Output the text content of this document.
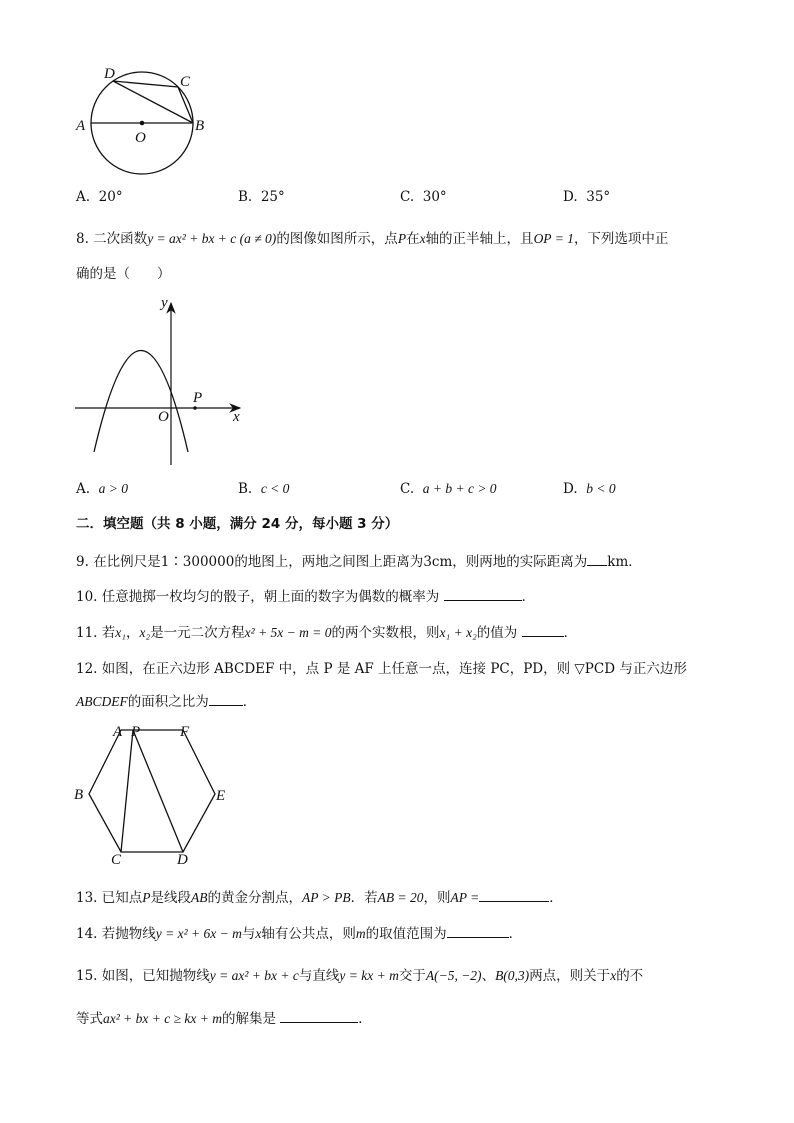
D	C
A
O
B
A. 20°	B. 25°	C. 30°	D. 35°
8. 二次函数y = ax² + bx + c (a ≠ 0)的图像如图所示，点P在x轴的正半轴上，且OP = 1，下列选项中正
确的是（　　）
y
x
O
P
A. a > 0	B. c < 0	C. a + b + c > 0	D. b < 0
二．填空题（共 8 小题，满分 24 分，每小题 3 分）
9. 在比例尺是1∶300000的地图上，两地之间图上距离为3cm，则两地的实际距离为 km．
10. 任意抛掷一枚均匀的骰子，朝上面的数字为偶数的概率为	．
11. 若x₁，x₂是一元二次方程x² + 5x − m = 0的两个实数根，则x₁ + x₂的值为	．
12. 如图，在正六边形 ABCDEF 中，点 P 是 AF 上任意一点，连接 PC，PD，则 ▽PCD 与正六边形
ABCDEF的面积之比为	．
A P	F
B	E
C	D
13. 已知点P是线段AB的黄金分割点，AP > PB．若AB = 20，则AP =	．
14. 若抛物线y = x² + 6x − m与x轴有公共点，则m的取值范围为	．
15. 如图，已知抛物线y = ax² + bx + c与直线y = kx + m交于A(−5, −2)、B(0,3)两点，则关于x的不
等式ax² + bx + c ≥ kx + m的解集是	．
